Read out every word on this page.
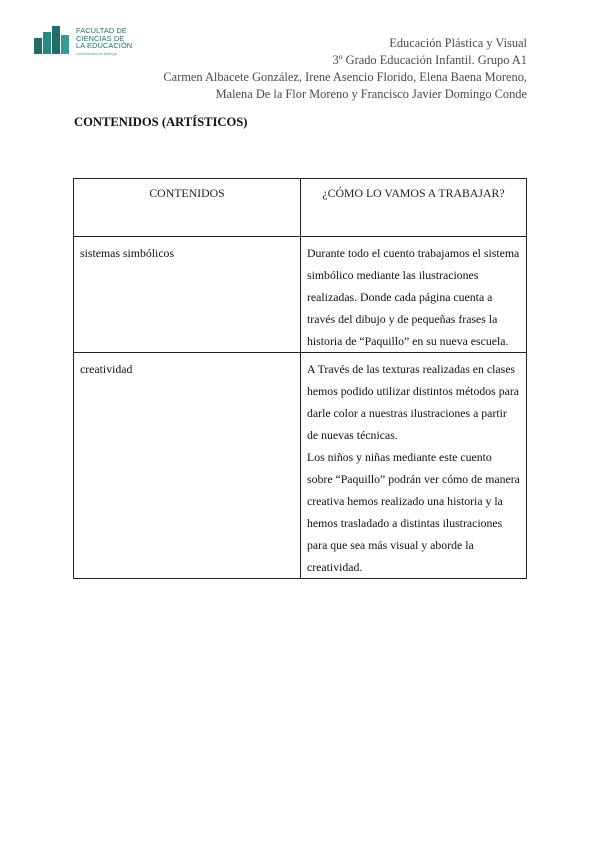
FACULTAD DE
CIENCIAS DE
LA EDUCACIÓN
Universidad de Málaga
Educación Plástica y Visual
3º Grado Educación Infantil. Grupo A1
Carmen Albacete González, Irene Asencio Florido, Elena Baena Moreno,
Malena De la Flor Moreno y Francisco Javier Domingo Conde
CONTENIDOS (ARTÍSTICOS)
CONTENIDOS	¿CÓMO LO VAMOS A TRABAJAR?

sistemas simbólicos	Durante todo el cuento trabajamos el sistema simbólico mediante las ilustraciones realizadas. Donde cada página cuenta a través del dibujo y de pequeñas frases la historia de “Paquillo” en su nueva escuela.

creatividad	A Través de las texturas realizadas en clases hemos podido utilizar distintos métodos para darle color a nuestras ilustraciones a partir de nuevas técnicas.
Los niños y niñas mediante este cuento sobre “Paquillo” podrán ver cómo de manera creativa hemos realizado una historia y la hemos trasladado a distintas ilustraciones para que sea más visual y aborde la creatividad.
